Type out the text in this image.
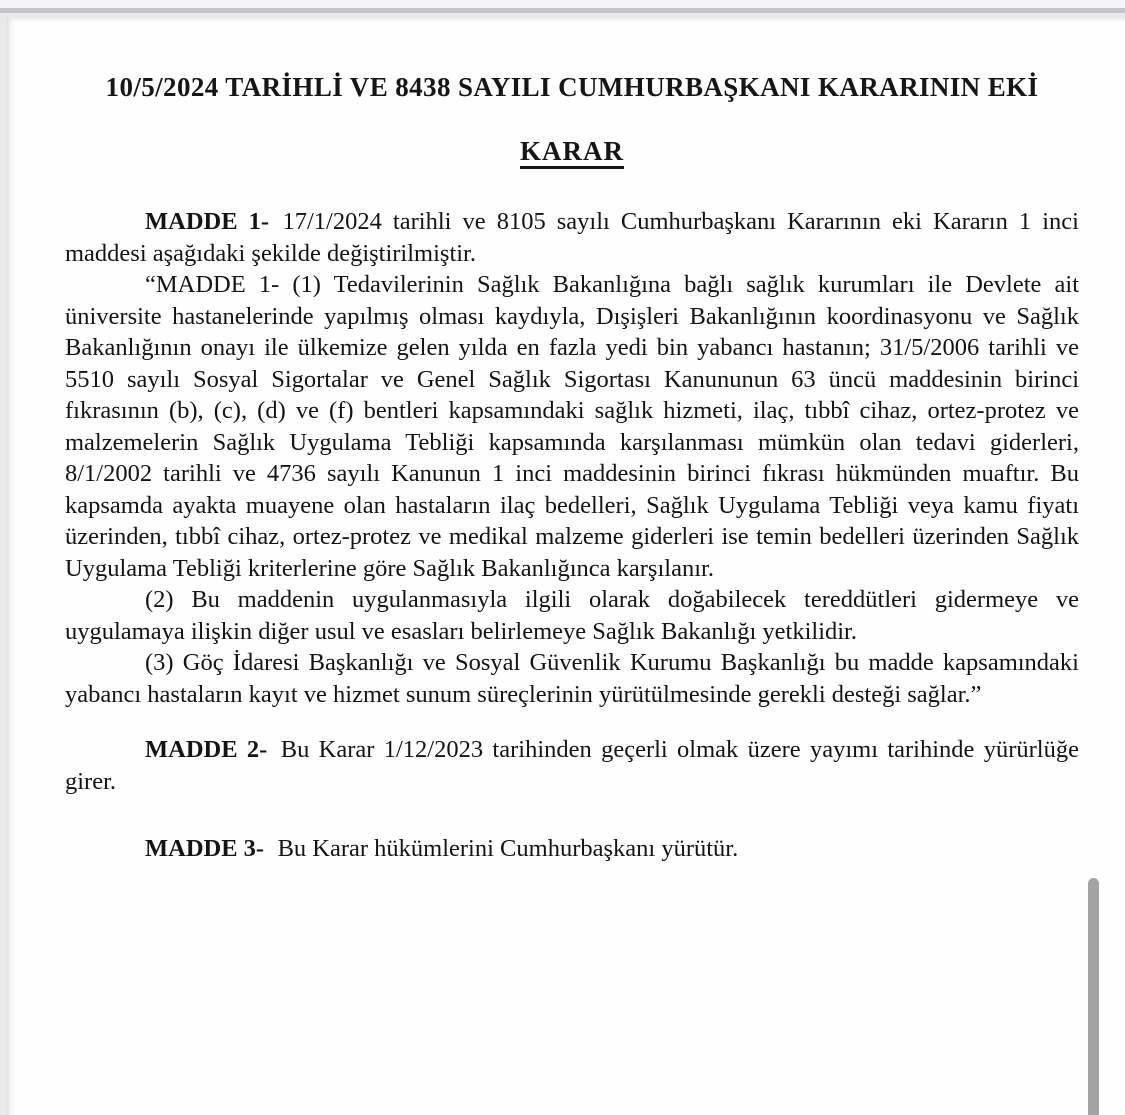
10/5/2024 TARİHLİ VE 8438 SAYILI CUMHURBAŞKANI KARARININ EKİ
KARAR

MADDE 1- 17/1/2024 tarihli ve 8105 sayılı Cumhurbaşkanı Kararının eki Kararın 1 inci maddesi aşağıdaki şekilde değiştirilmiştir.

“MADDE 1- (1) Tedavilerinin Sağlık Bakanlığına bağlı sağlık kurumları ile Devlete ait üniversite hastanelerinde yapılmış olması kaydıyla, Dışişleri Bakanlığının koordinasyonu ve Sağlık Bakanlığının onayı ile ülkemize gelen yılda en fazla yedi bin yabancı hastanın; 31/5/2006 tarihli ve 5510 sayılı Sosyal Sigortalar ve Genel Sağlık Sigortası Kanununun 63 üncü maddesinin birinci fıkrasının (b), (c), (d) ve (f) bentleri kapsamındaki sağlık hizmeti, ilaç, tıbbî cihaz, ortez-protez ve malzemelerin Sağlık Uygulama Tebliği kapsamında karşılanması mümkün olan tedavi giderleri, 8/1/2002 tarihli ve 4736 sayılı Kanunun 1 inci maddesinin birinci fıkrası hükmünden muaftır. Bu kapsamda ayakta muayene olan hastaların ilaç bedelleri, Sağlık Uygulama Tebliği veya kamu fiyatı üzerinden, tıbbî cihaz, ortez-protez ve medikal malzeme giderleri ise temin bedelleri üzerinden Sağlık Uygulama Tebliği kriterlerine göre Sağlık Bakanlığınca karşılanır.

(2) Bu maddenin uygulanmasıyla ilgili olarak doğabilecek tereddütleri gidermeye ve uygulamaya ilişkin diğer usul ve esasları belirlemeye Sağlık Bakanlığı yetkilidir.

(3) Göç İdaresi Başkanlığı ve Sosyal Güvenlik Kurumu Başkanlığı bu madde kapsamındaki yabancı hastaların kayıt ve hizmet sunum süreçlerinin yürütülmesinde gerekli desteği sağlar.”

MADDE 2- Bu Karar 1/12/2023 tarihinden geçerli olmak üzere yayımı tarihinde yürürlüğe girer.

MADDE 3- Bu Karar hükümlerini Cumhurbaşkanı yürütür.
